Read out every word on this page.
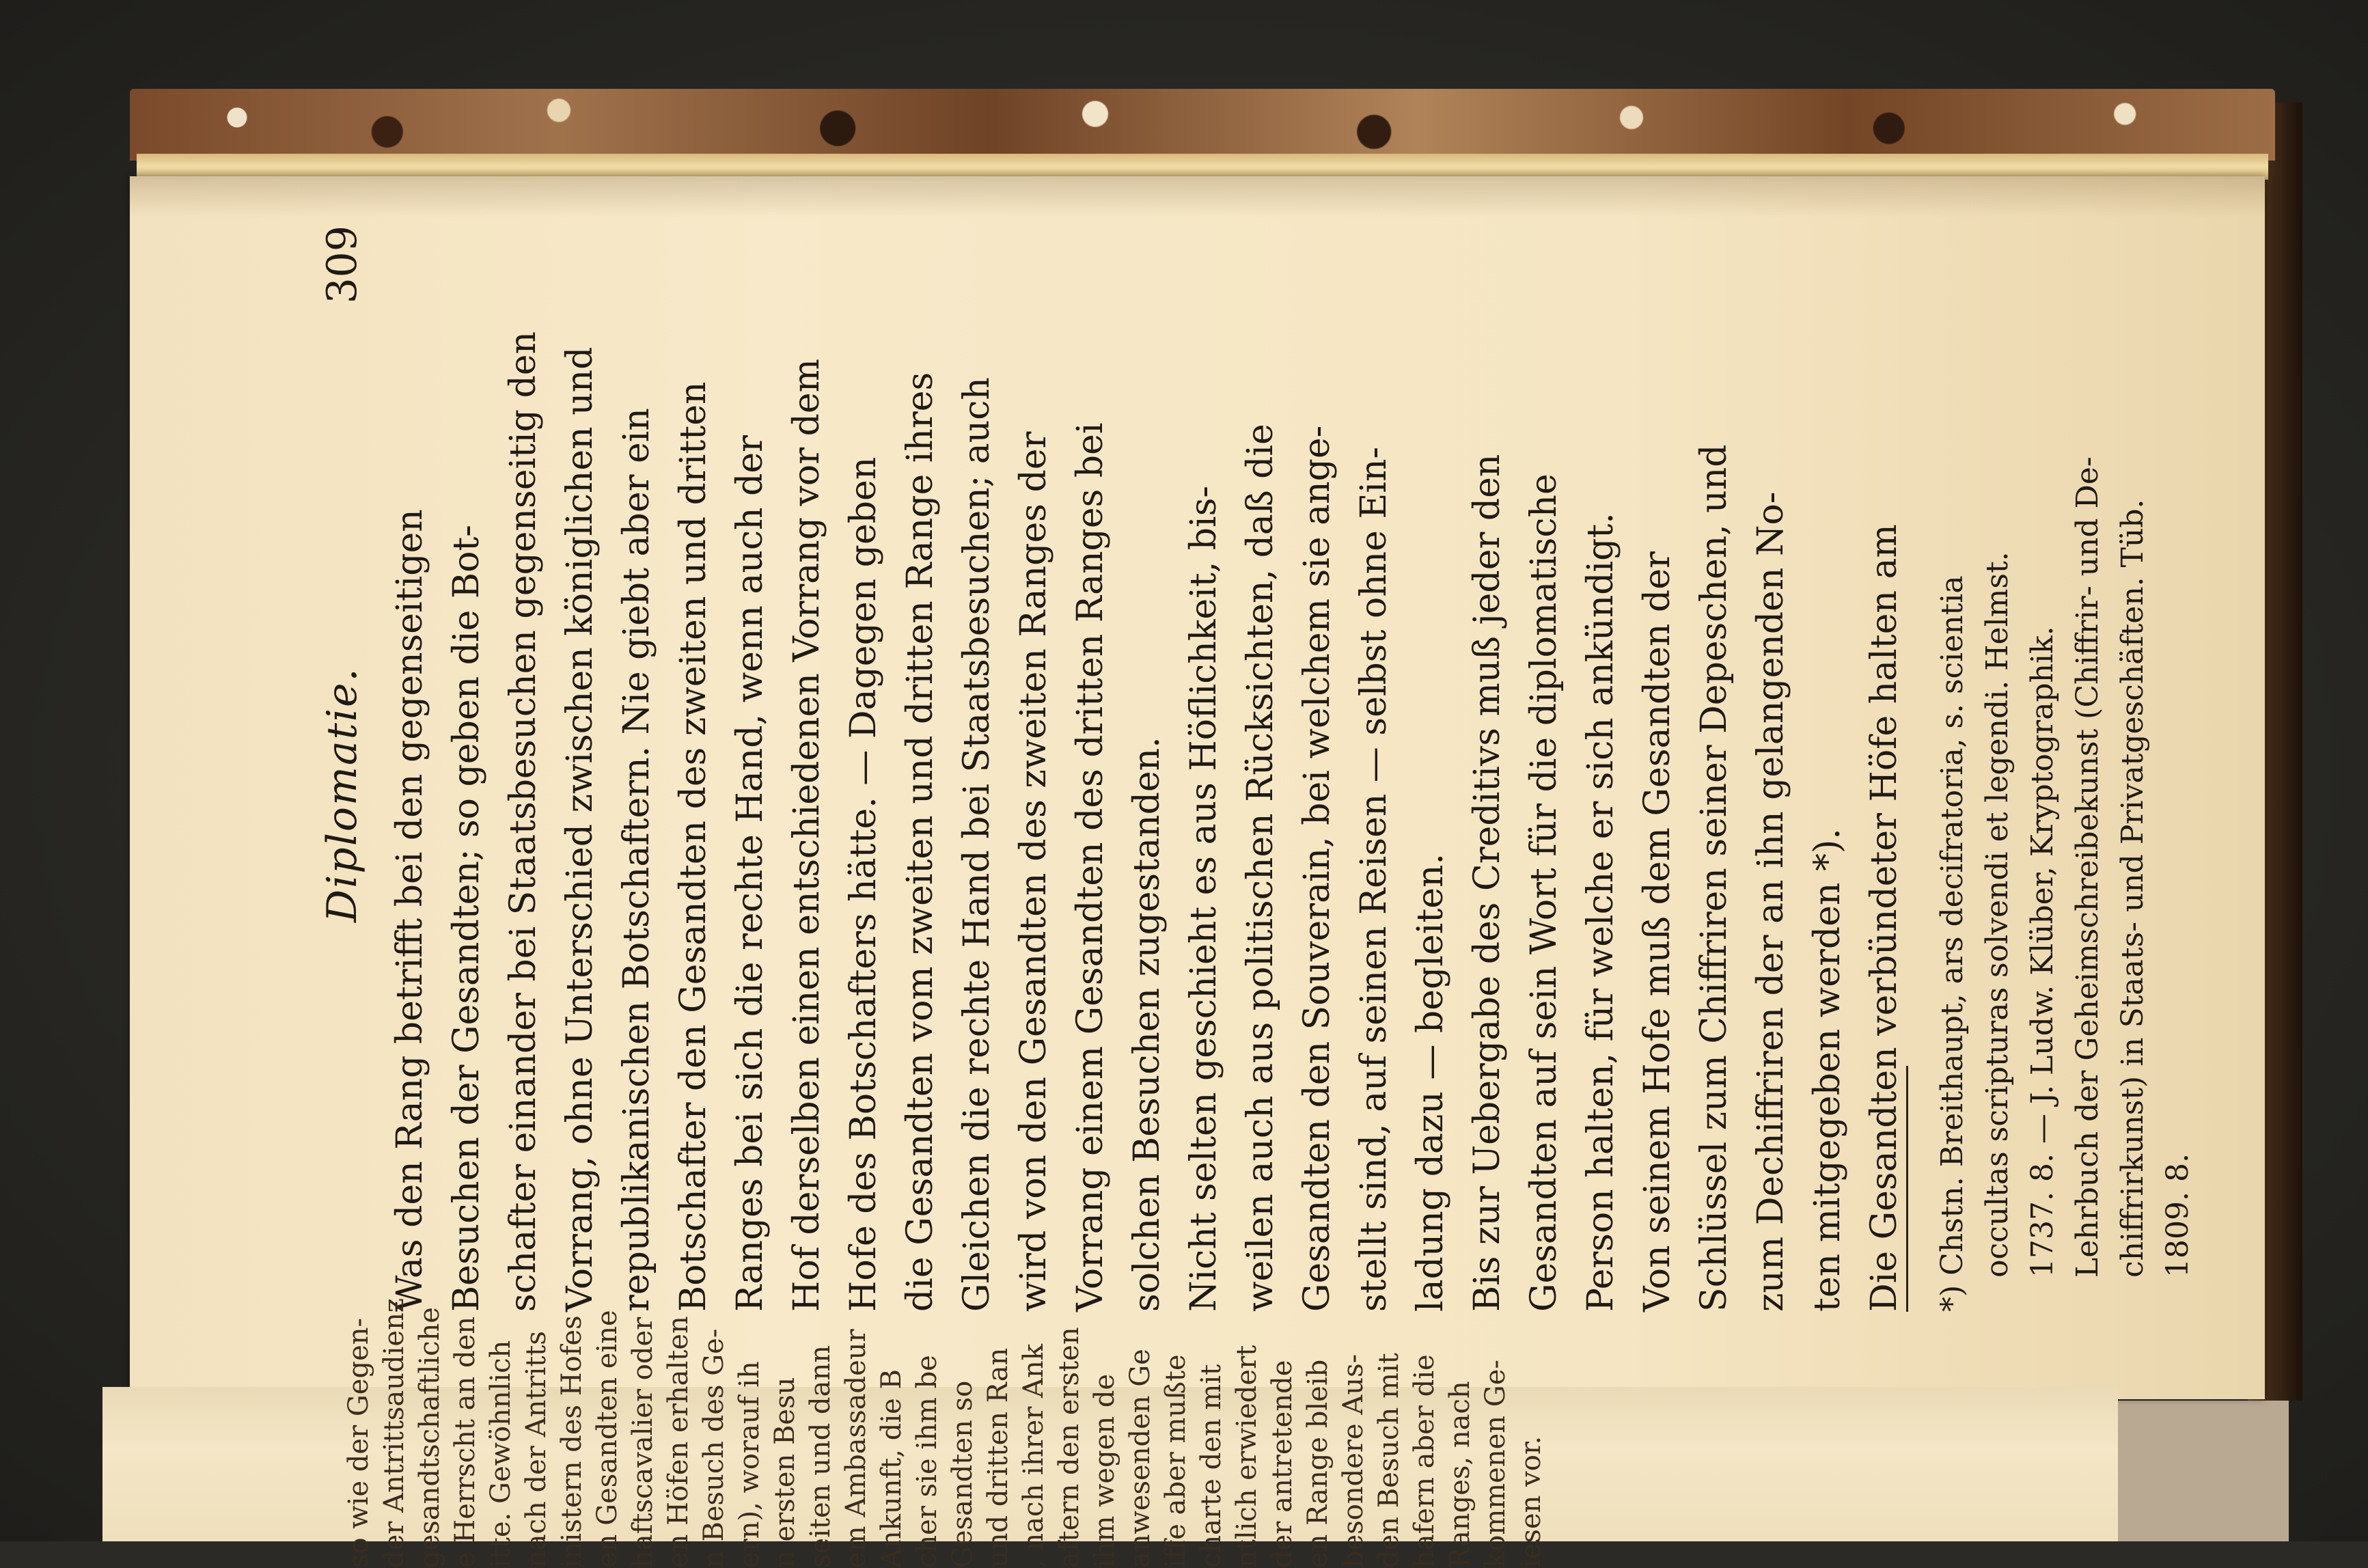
Diplomatie.
309
Was den Rang betrifft bei den gegenseitigen Besuchen der Gesandten; so geben die Bot- schafter einander bei Staatsbesuchen gegenseitig den Vorrang, ohne Unterschied zwischen königlichen und republikanischen Botschaftern. Nie giebt aber ein Botschafter den Gesandten des zweiten und dritten Ranges bei sich die rechte Hand, wenn auch der Hof derselben einen entschiedenen Vorrang vor dem Hofe des Botschafters hätte. — Dagegen geben die Gesandten vom zweiten und dritten Range ihres Gleichen die rechte Hand bei Staatsbesuchen; auch wird von den Gesandten des zweiten Ranges der Vorrang einem Gesandten des dritten Ranges bei solchen Besuchen zugestanden. Nicht selten geschieht es aus Höflichkeit, bis- weilen auch aus politischen Rücksichten, daß die Gesandten den Souverain, bei welchem sie ange- stellt sind, auf seinen Reisen — selbst ohne Ein- ladung dazu — begleiten. Bis zur Uebergabe des Creditivs muß jeder den Gesandten auf sein Wort für die diplomatische Person halten, für welche er sich ankündigt. Von seinem Hofe muß dem Gesandten der Schlüssel zum Chiffriren seiner Depeschen, und zum Dechiffriren der an ihn gelangenden No- ten mitgegeben werden *). Die Gesandten verbündeter Höfe halten am *) Chstn. Breithaupt, ars decifratoria, s. scientia occultas scripturas solvendi et legendi. Helmst. 1737. 8. — J. Ludw. Klüber, Kryptographik. Lehrbuch der Geheimschreibekunst (Chiffrir- und De- chiffrirkunst) in Staats- und Privatgeschäften. Tüb. 1809. 8.
so wie der Gegen- der Antrittsaudienz gesandtschaftliche e Herrscht an den itte. Gewöhnlich nach der Antritts inistern des Hofes en Gesandten eine haftscavalier oder en Höfen erhalten n Besuch des Ge- ern), worauf ih n ersten Besu seiten und dann em Ambassadeur Ankunft, die B cher sie ihm be Gesandten so und dritten Ran , nach ihrer Ank aftern den ersten ihm wegen de anwesenden Ge iffe aber mußte charte den mit ntlich erwiedert der antretende en Range bleib besondere Aus- den Besuch mit hafern aber die Ranges, nach kommenen Ge- iesen vor.
